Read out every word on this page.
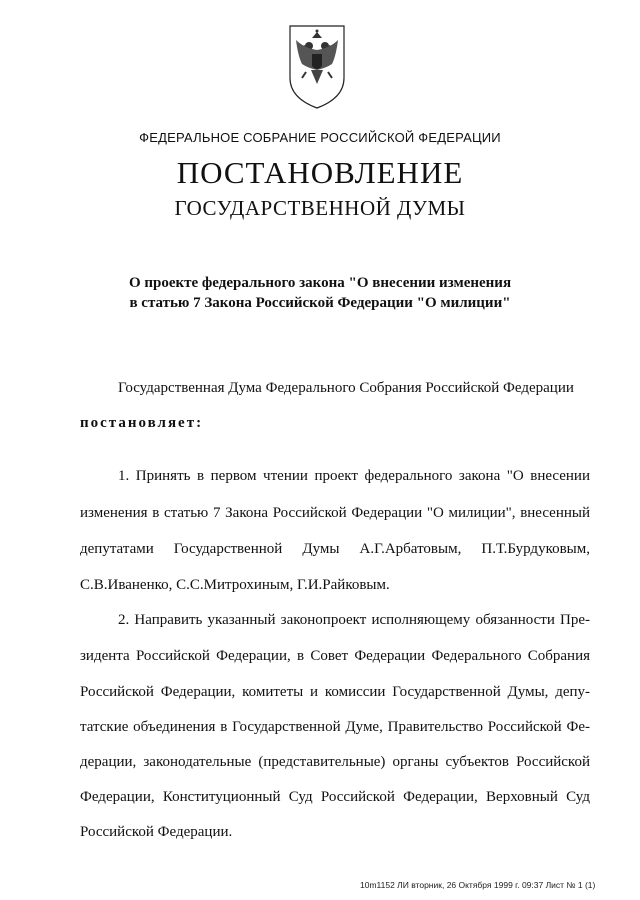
ФЕДЕРАЛЬНОЕ СОБРАНИЕ РОССИЙСКОЙ ФЕДЕРАЦИИ
ПОСТАНОВЛЕНИЕ
ГОСУДАРСТВЕННОЙ ДУМЫ
О проекте федерального закона "О внесении изменения
в статью 7 Закона Российской Федерации "О милиции"
Государственная Дума Федерального Собрания Российской Федерации
постановляет:
1. Принять в первом чтении проект федерального закона "О внесении
изменения в статью 7 Закона Российской Федерации "О милиции", внесенный
депутатами Государственной Думы А.Г.Арбатовым, П.Т.Бурдуковым,
С.В.Иваненко, С.С.Митрохиным, Г.И.Райковым.
2. Направить указанный законопроект исполняющему обязанности Пре-
зидента Российской Федерации, в Совет Федерации Федерального Собрания
Российской Федерации, комитеты и комиссии Государственной Думы, депу-
татские объединения в Государственной Думе, Правительство Российской Фе-
дерации, законодательные (представительные) органы субъектов Российской
Федерации, Конституционный Суд Российской Федерации, Верховный Суд
Российской Федерации.
10m1152 ЛИ вторник, 26 Октября 1999 г. 09:37 Лист № 1 (1)
